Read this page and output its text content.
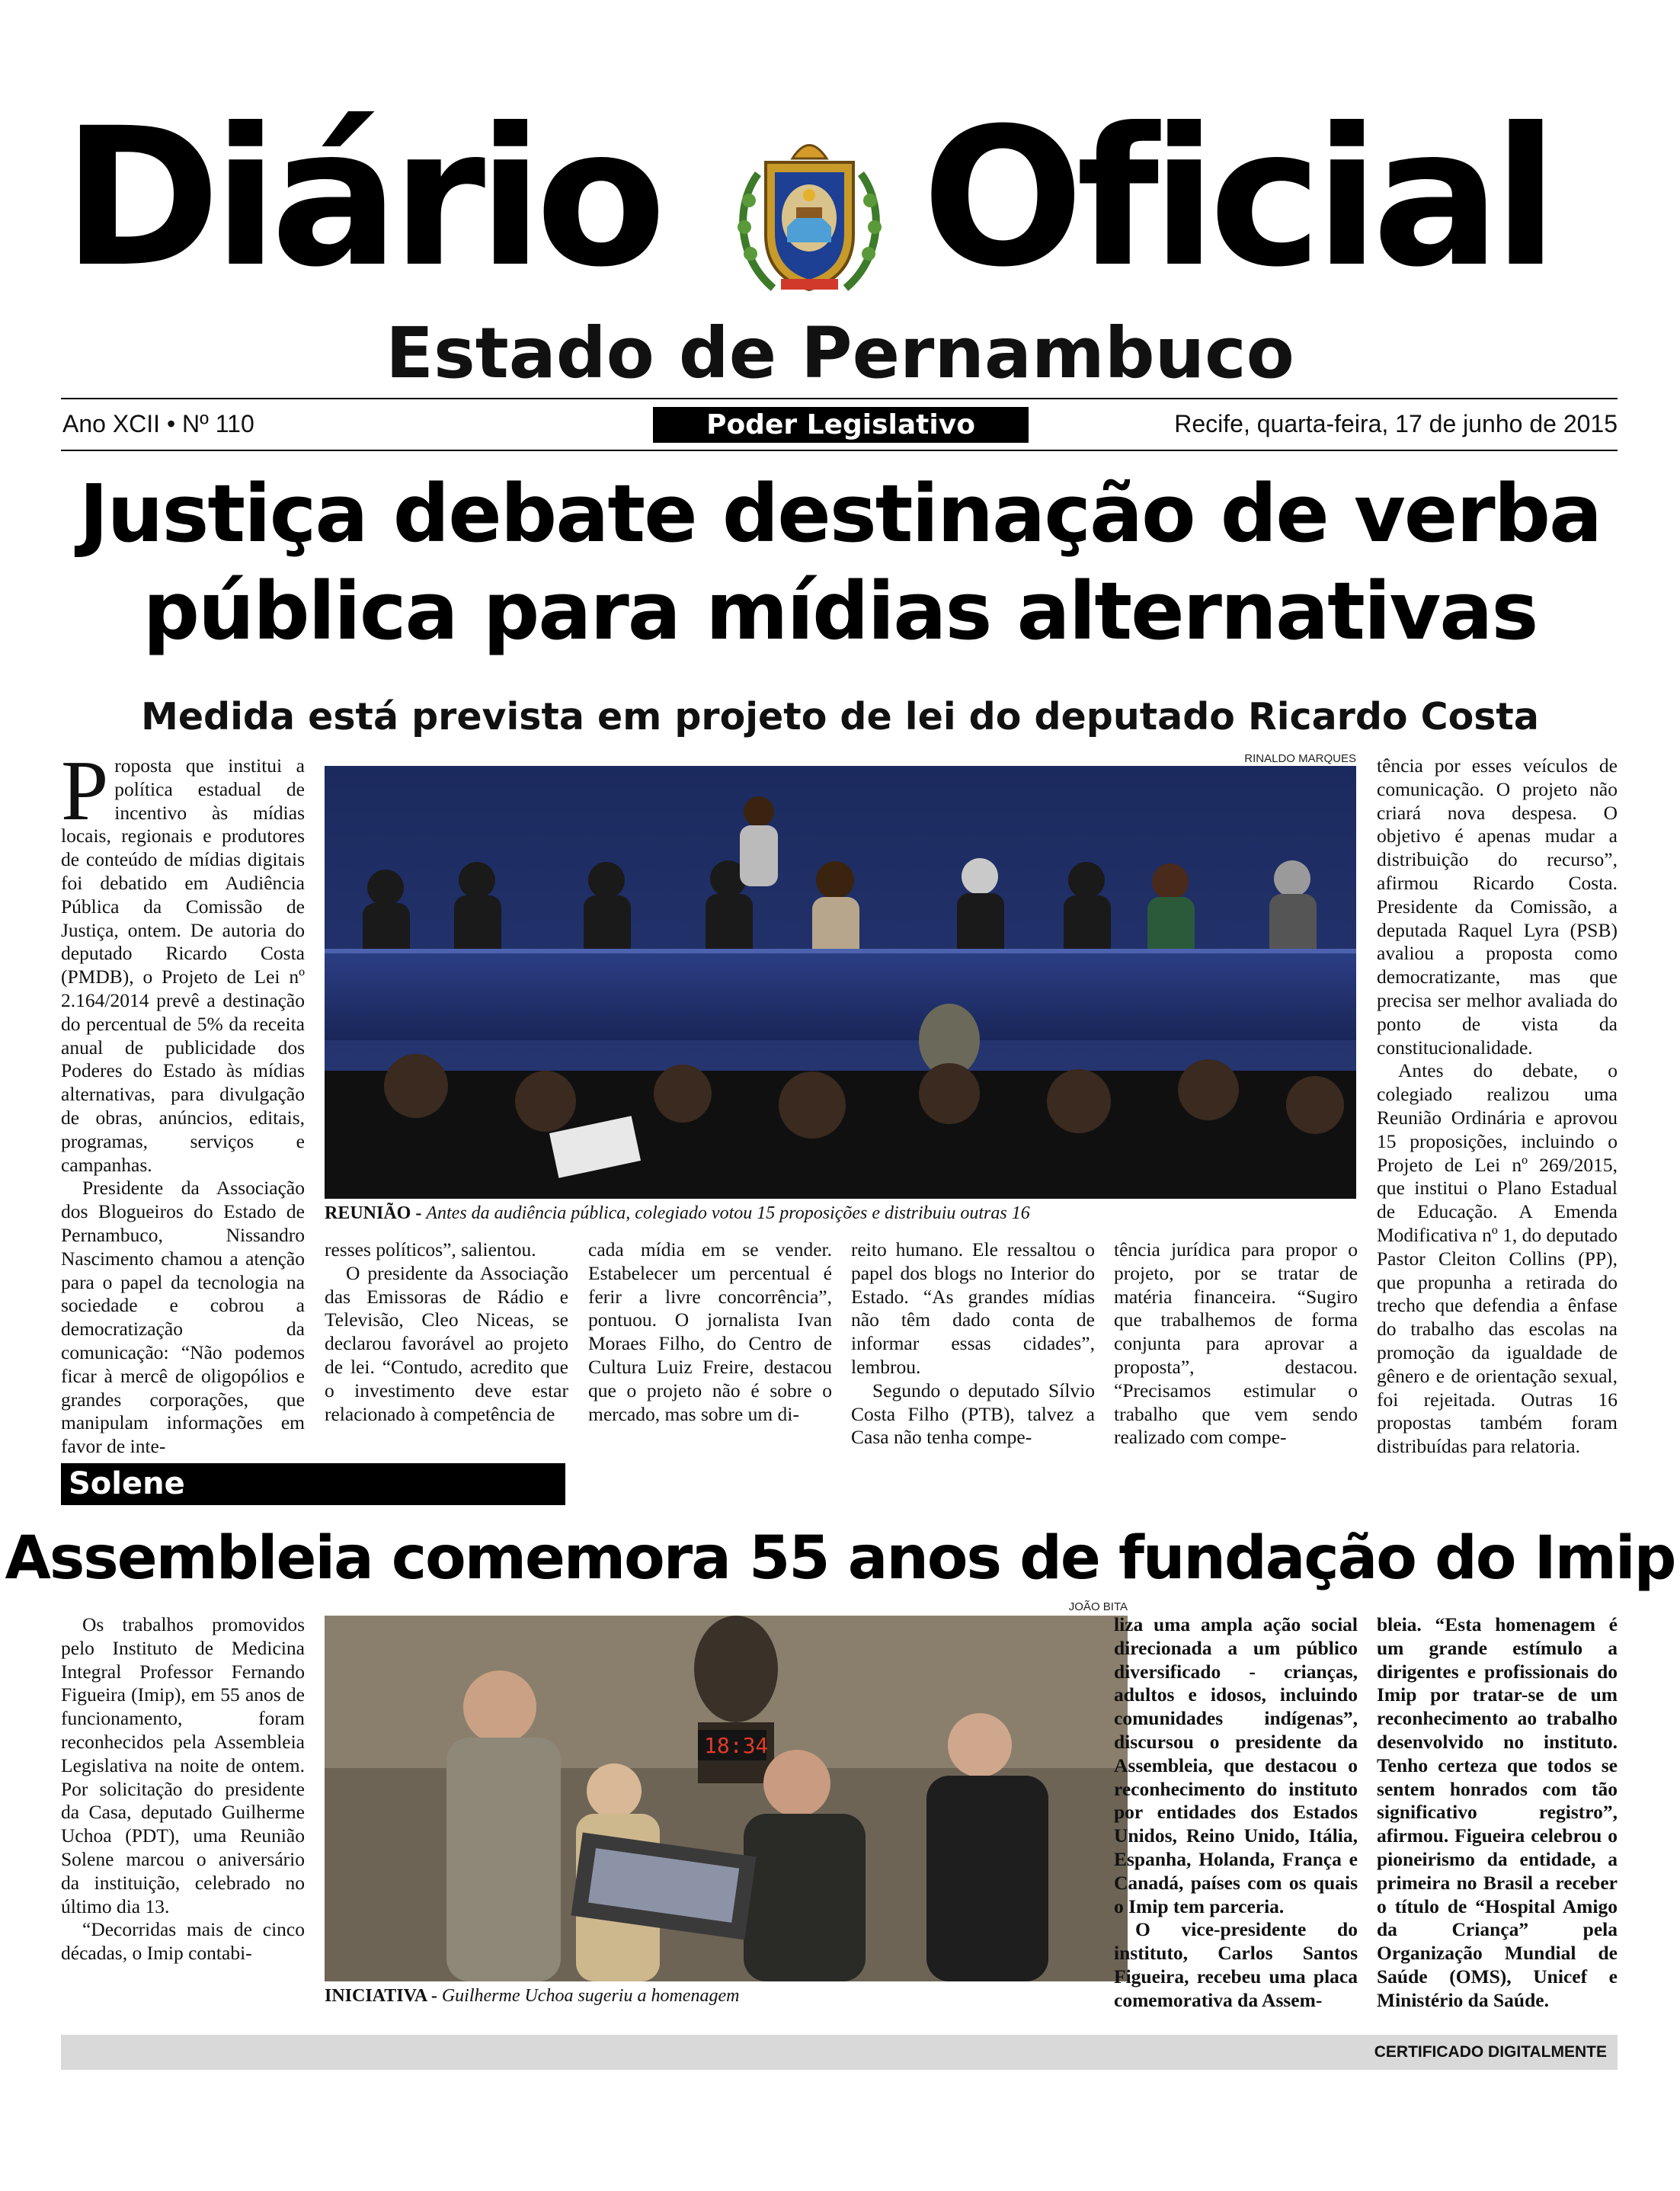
Diário Oficial
Estado de Pernambuco
Ano XCII • Nº 110	Poder Legislativo	Recife, quarta-feira, 17 de junho de 2015
Justiça debate destinação de verba
pública para mídias alternativas
Medida está prevista em projeto de lei do deputado Ricardo Costa

Proposta que institui a política estadual de incentivo às mídias locais, regionais e produtores de conteúdo de mídias digitais foi debatido em Audiência Pública da Comissão de Justiça, ontem. De autoria do deputado Ricardo Costa (PMDB), o Projeto de Lei nº 2.164/2014 prevê a destinação do percentual de 5% da receita anual de publicidade dos Poderes do Estado às mídias alternativas, para divulgação de obras, anúncios, editais, programas, serviços e campanhas.

Presidente da Associação dos Blogueiros do Estado de Pernambuco, Nissandro Nascimento chamou a atenção para o papel da tecnologia na sociedade e cobrou a democratização da comunicação: “Não podemos ficar à mercê de oligopólios e grandes corporações, que manipulam informações em favor de inte-

RINALDO MARQUES
REUNIÃO - Antes da audiência pública, colegiado votou 15 proposições e distribuiu outras 16

resses políticos”, salientou.

O presidente da Associação das Emissoras de Rádio e Televisão, Cleo Niceas, se declarou favorável ao projeto de lei. “Contudo, acredito que o investimento deve estar relacionado à competência de

cada mídia em se vender. Estabelecer um percentual é ferir a livre concorrência”, pontuou. O jornalista Ivan Moraes Filho, do Centro de Cultura Luiz Freire, destacou que o projeto não é sobre o mercado, mas sobre um di-

reito humano. Ele ressaltou o papel dos blogs no Interior do Estado. “As grandes mídias não têm dado conta de informar essas cidades”, lembrou.

Segundo o deputado Sílvio Costa Filho (PTB), talvez a Casa não tenha compe-

tência jurídica para propor o projeto, por se tratar de matéria financeira. “Sugiro que trabalhemos de forma conjunta para aprovar a proposta”, destacou. “Precisamos estimular o trabalho que vem sendo realizado com compe-

tência por esses veículos de comunicação. O projeto não criará nova despesa. O objetivo é apenas mudar a distribuição do recurso”, afirmou Ricardo Costa. Presidente da Comissão, a deputada Raquel Lyra (PSB) avaliou a proposta como democratizante, mas que precisa ser melhor avaliada do ponto de vista da constitucionalidade.

Antes do debate, o colegiado realizou uma Reunião Ordinária e aprovou 15 proposições, incluindo o Projeto de Lei nº 269/2015, que institui o Plano Estadual de Educação. A Emenda Modificativa nº 1, do deputado Pastor Cleiton Collins (PP), que propunha a retirada do trecho que defendia a ênfase do trabalho das escolas na promoção da igualdade de gênero e de orientação sexual, foi rejeitada. Outras 16 propostas também foram distribuídas para relatoria.

Solene
Assembleia comemora 55 anos de fundação do Imip

Os trabalhos promovidos pelo Instituto de Medicina Integral Professor Fernando Figueira (Imip), em 55 anos de funcionamento, foram reconhecidos pela Assembleia Legislativa na noite de ontem. Por solicitação do presidente da Casa, deputado Guilherme Uchoa (PDT), uma Reunião Solene marcou o aniversário da instituição, celebrado no último dia 13.

“Decorridas mais de cinco décadas, o Imip contabi-

JOÃO BITA
18:34
INICIATIVA - Guilherme Uchoa sugeriu a homenagem

liza uma ampla ação social direcionada a um público diversificado - crianças, adultos e idosos, incluindo comunidades indígenas”, discursou o presidente da Assembleia, que destacou o reconhecimento do instituto por entidades dos Estados Unidos, Reino Unido, Itália, Espanha, Holanda, França e Canadá, países com os quais o Imip tem parceria.

O vice-presidente do instituto, Carlos Santos Figueira, recebeu uma placa comemorativa da Assem-

bleia. “Esta homenagem é um grande estímulo a dirigentes e profissionais do Imip por tratar-se de um reconhecimento ao trabalho desenvolvido no instituto. Tenho certeza que todos se sentem honrados com tão significativo registro”, afirmou. Figueira celebrou o pioneirismo da entidade, a primeira no Brasil a receber o título de “Hospital Amigo da Criança” pela Organização Mundial de Saúde (OMS), Unicef e Ministério da Saúde.

CERTIFICADO DIGITALMENTE
